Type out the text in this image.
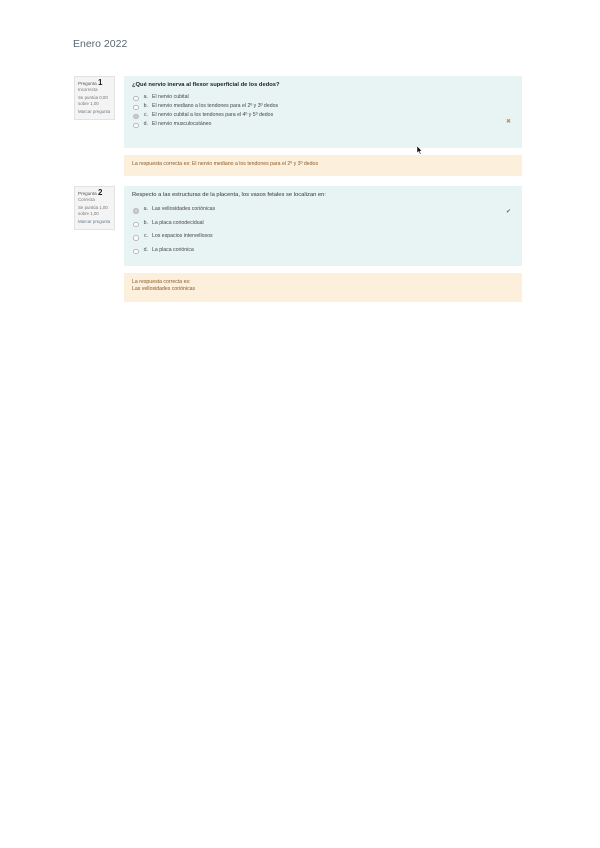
Enero 2022
Pregunta 1
Incorrecta
Se puntúa 0,00 sobre 1,00
Marcar pregunta
¿Qué nervio inerva al flexor superficial de los dedos?
a. El nervio cubital
b. El nervio mediano a los tendones para el 2º y 3º dedos
c. El nervio cubital a los tendones para el 4º y 5º dedos
d. El nervio musculocutáneo	✖
La respuesta correcta es: El nervio mediano a los tendones para el 2º y 3º dedos
Pregunta 2
Correcta
Se puntúa 1,00 sobre 1,00
Marcar pregunta
Respecto a las estructuras de la placenta, los vasos fetales se localizan en:
a. Las vellosidades coriónicas
b. La placa coriodecidual
c. Los espacios intervellosos
d. La placa coriónica
✔
La respuesta correcta es:
Las vellosidades coriónicas
